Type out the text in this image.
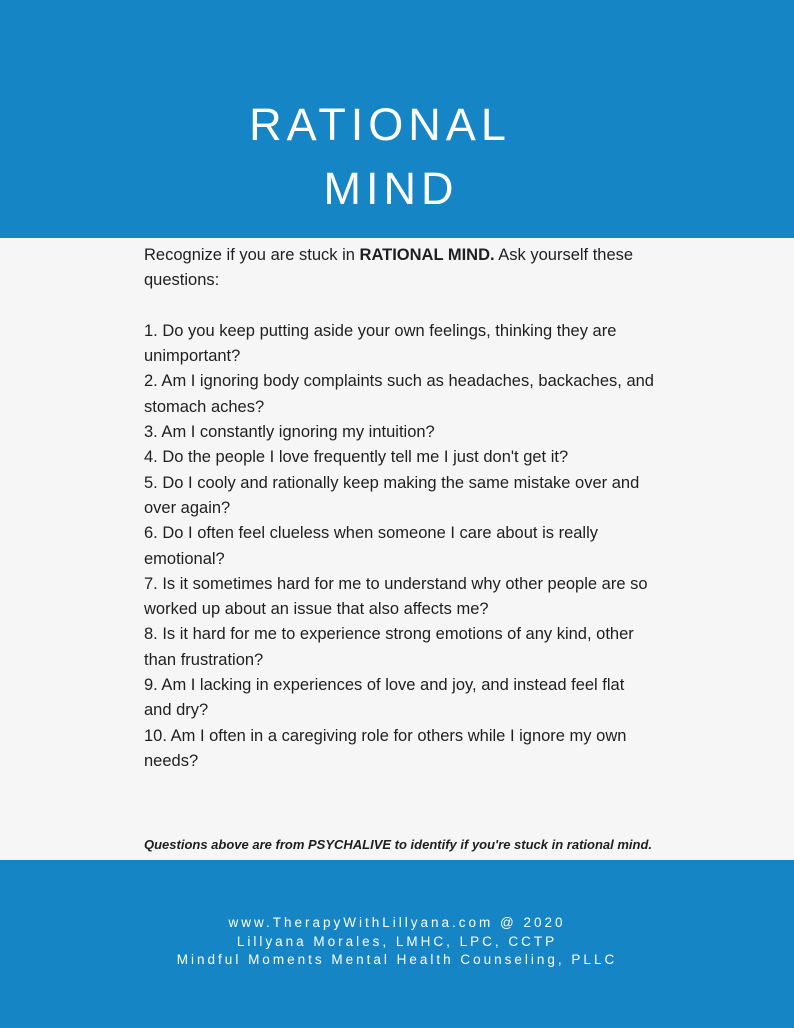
RATIONAL
MIND

Recognize if you are stuck in RATIONAL MIND. Ask yourself these questions:

1. Do you keep putting aside your own feelings, thinking they are unimportant?

2. Am I ignoring body complaints such as headaches, backaches, and stomach aches?

3. Am I constantly ignoring my intuition?

4. Do the people I love frequently tell me I just don't get it?

5. Do I cooly and rationally keep making the same mistake over and over again?

6. Do I often feel clueless when someone I care about is really emotional?

7. Is it sometimes hard for me to understand why other people are so worked up about an issue that also affects me?

8. Is it hard for me to experience strong emotions of any kind, other than frustration?

9. Am I lacking in experiences of love and joy, and instead feel flat and dry?

10. Am I often in a caregiving role for others while I ignore my own needs?

Questions above are from PSYCHALIVE to identify if you're stuck in rational mind.

www.TherapyWithLillyana.com @ 2020
Lillyana Morales, LMHC, LPC, CCTP
Mindful Moments Mental Health Counseling, PLLC
